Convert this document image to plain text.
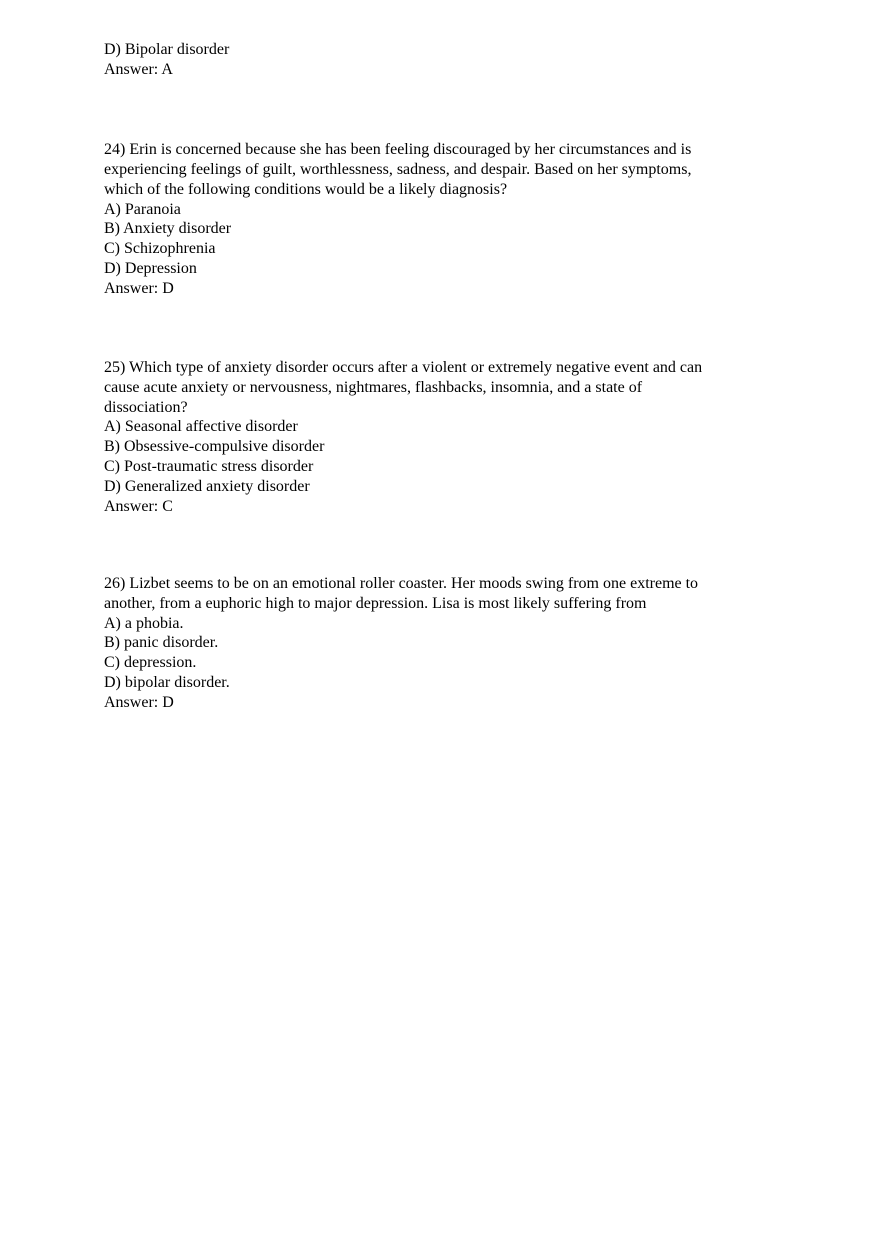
D) Bipolar disorder
Answer: A
24) Erin is concerned because she has been feeling discouraged by her circumstances and is
experiencing feelings of guilt, worthlessness, sadness, and despair. Based on her symptoms,
which of the following conditions would be a likely diagnosis?
A) Paranoia
B) Anxiety disorder
C) Schizophrenia
D) Depression
Answer: D
25) Which type of anxiety disorder occurs after a violent or extremely negative event and can
cause acute anxiety or nervousness, nightmares, flashbacks, insomnia, and a state of
dissociation?
A) Seasonal affective disorder
B) Obsessive-compulsive disorder
C) Post-traumatic stress disorder
D) Generalized anxiety disorder
Answer: C
26) Lizbet seems to be on an emotional roller coaster. Her moods swing from one extreme to
another, from a euphoric high to major depression. Lisa is most likely suffering from
A) a phobia.
B) panic disorder.
C) depression.
D) bipolar disorder.
Answer: D
